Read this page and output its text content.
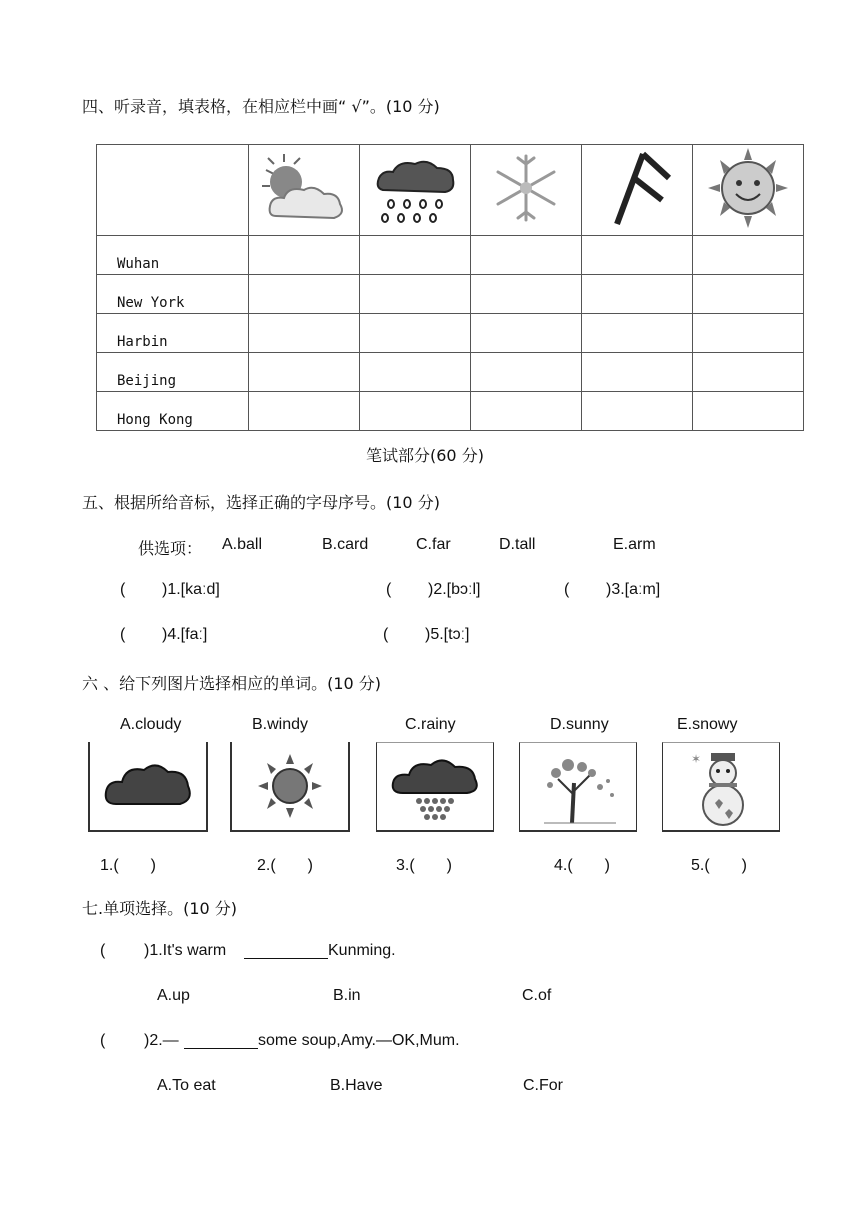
四、听录音，填表格，在相应栏中画“ √”。(10 分)

Wuhan					
New York					
Harbin					
Beijing					
Hong Kong					
笔试部分(60 分)
五、根据所给音标，选择正确的字母序号。(10 分)
供选项： A.ball	B.card	C.far	D.tall	E.arm
( )1.[kaːd]	( )2.[bɔːl]	( )3.[aːm]
( )4.[faː]	( )5.[tɔː]
六 、给下列图片选择相应的单词。(10 分)
A.cloudy	B.windy	C.rainy	D.sunny	E.snowy
✶
1.(　　)	2.(　　)	3.(　　)	4.(　　)	5.(　　)
七.单项选择。(10 分)
( )1.It's warm	Kunming.
A.up	B.in	C.of
( )2.—	some soup,Amy.—OK,Mum.
A.To eat	B.Have	C.For
